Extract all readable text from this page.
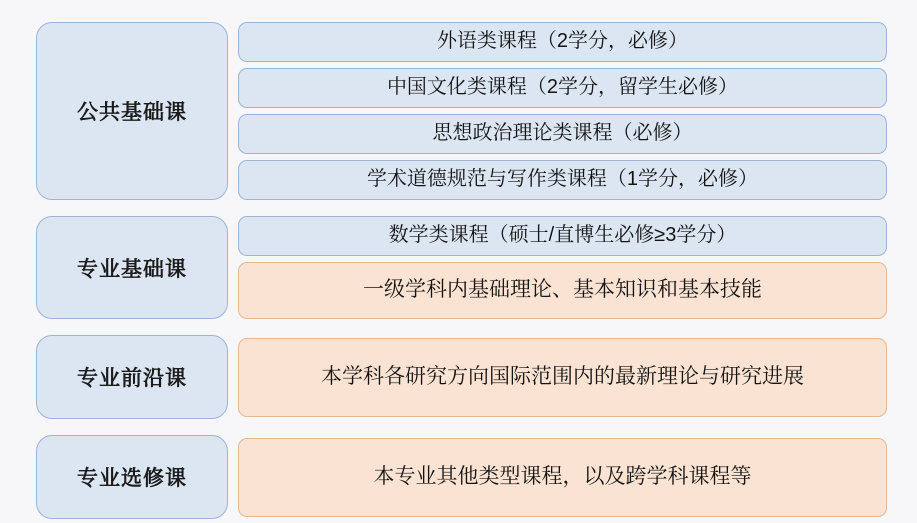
公共基础课
外语类课程（2学分，必修）
中国文化类课程（2学分，留学生必修）
思想政治理论类课程（必修）
学术道德规范与写作类课程（1学分，必修）
专业基础课
数学类课程（硕士/直博生必修≥3学分）
一级学科内基础理论、基本知识和基本技能
专业前沿课	本学科各研究方向国际范围内的最新理论与研究进展
专业选修课	本专业其他类型课程，以及跨学科课程等
